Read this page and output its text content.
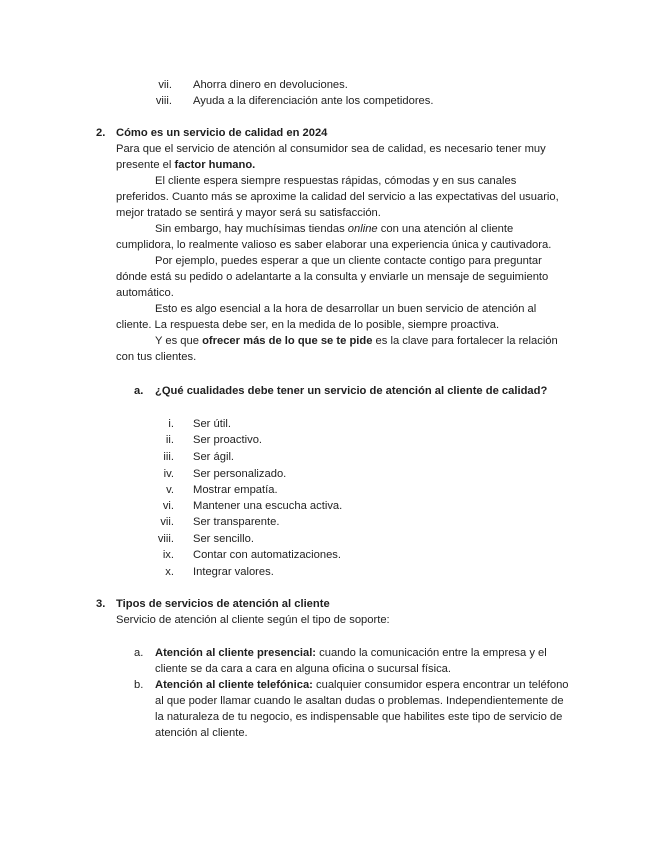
vii. Ahorra dinero en devoluciones.
viii. Ayuda a la diferenciación ante los competidores.
2. Cómo es un servicio de calidad en 2024
Para que el servicio de atención al consumidor sea de calidad, es necesario tener muy
presente el factor humano.
El cliente espera siempre respuestas rápidas, cómodas y en sus canales
preferidos. Cuanto más se aproxime la calidad del servicio a las expectativas del usuario,
mejor tratado se sentirá y mayor será su satisfacción.
Sin embargo, hay muchísimas tiendas online con una atención al cliente
cumplidora, lo realmente valioso es saber elaborar una experiencia única y cautivadora.
Por ejemplo, puedes esperar a que un cliente contacte contigo para preguntar
dónde está su pedido o adelantarte a la consulta y enviarle un mensaje de seguimiento
automático.
Esto es algo esencial a la hora de desarrollar un buen servicio de atención al
cliente. La respuesta debe ser, en la medida de lo posible, siempre proactiva.
Y es que ofrecer más de lo que se te pide es la clave para fortalecer la relación
con tus clientes.
a. ¿Qué cualidades debe tener un servicio de atención al cliente de calidad?
i. Ser útil.
ii. Ser proactivo.
iii. Ser ágil.
iv. Ser personalizado.
v. Mostrar empatía.
vi. Mantener una escucha activa.
vii. Ser transparente.
viii. Ser sencillo.
ix. Contar con automatizaciones.
x. Integrar valores.
3. Tipos de servicios de atención al cliente
Servicio de atención al cliente según el tipo de soporte:
a. Atención al cliente presencial: cuando la comunicación entre la empresa y el
cliente se da cara a cara en alguna oficina o sucursal física.
b. Atención al cliente telefónica: cualquier consumidor espera encontrar un teléfono
al que poder llamar cuando le asaltan dudas o problemas. Independientemente de
la naturaleza de tu negocio, es indispensable que habilites este tipo de servicio de
atención al cliente.
